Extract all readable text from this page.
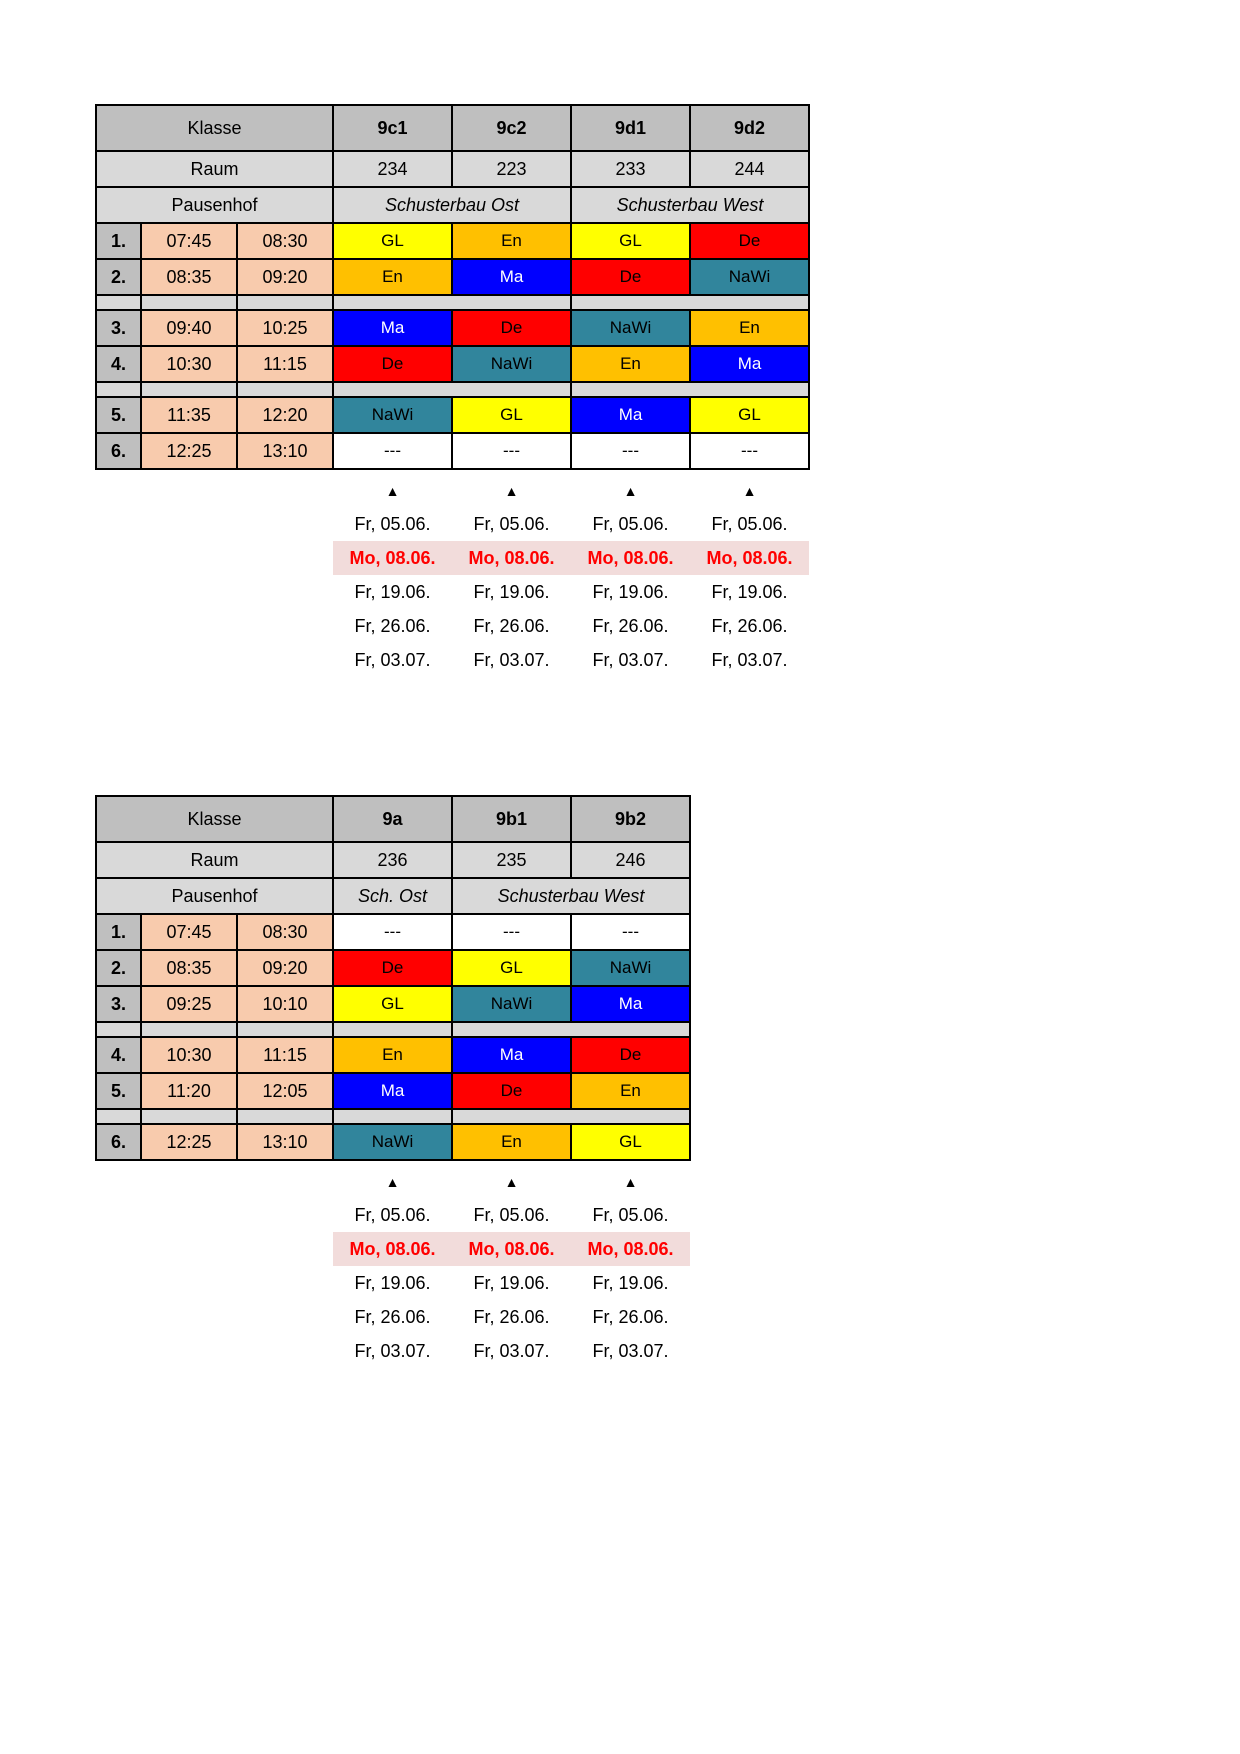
Klasse			9c1	9c2	9d1	9d2
Raum			234	223	233	244
Pausenhof			Schusterbau Ost		Schusterbau West	
1.	07:45	08:30	GL	En	GL	De
2.	08:35	09:20	En	Ma	De	NaWi

3.	09:40	10:25	Ma	De	NaWi	En
4.	10:30	11:15	De	NaWi	En	Ma

5.	11:35	12:20	NaWi	GL	Ma	GL
6.	12:25	13:10	---	---	---	---
▲	▲	▲	▲
Fr, 05.06.	Fr, 05.06.	Fr, 05.06.	Fr, 05.06.
Mo, 08.06.	Mo, 08.06.	Mo, 08.06.	Mo, 08.06.
Fr, 19.06.	Fr, 19.06.	Fr, 19.06.	Fr, 19.06.
Fr, 26.06.	Fr, 26.06.	Fr, 26.06.	Fr, 26.06.
Fr, 03.07.	Fr, 03.07.	Fr, 03.07.	Fr, 03.07.
Klasse			9a	9b1	9b2
Raum			236	235	246
Pausenhof			Sch. Ost	Schusterbau West	
1.	07:45	08:30	---	---	---
2.	08:35	09:20	De	GL	NaWi
3.	09:25	10:10	GL	NaWi	Ma

4.	10:30	11:15	En	Ma	De
5.	11:20	12:05	Ma	De	En

6.	12:25	13:10	NaWi	En	GL
▲	▲	▲
Fr, 05.06.	Fr, 05.06.	Fr, 05.06.
Mo, 08.06.	Mo, 08.06.	Mo, 08.06.
Fr, 19.06.	Fr, 19.06.	Fr, 19.06.
Fr, 26.06.	Fr, 26.06.	Fr, 26.06.
Fr, 03.07.	Fr, 03.07.	Fr, 03.07.
